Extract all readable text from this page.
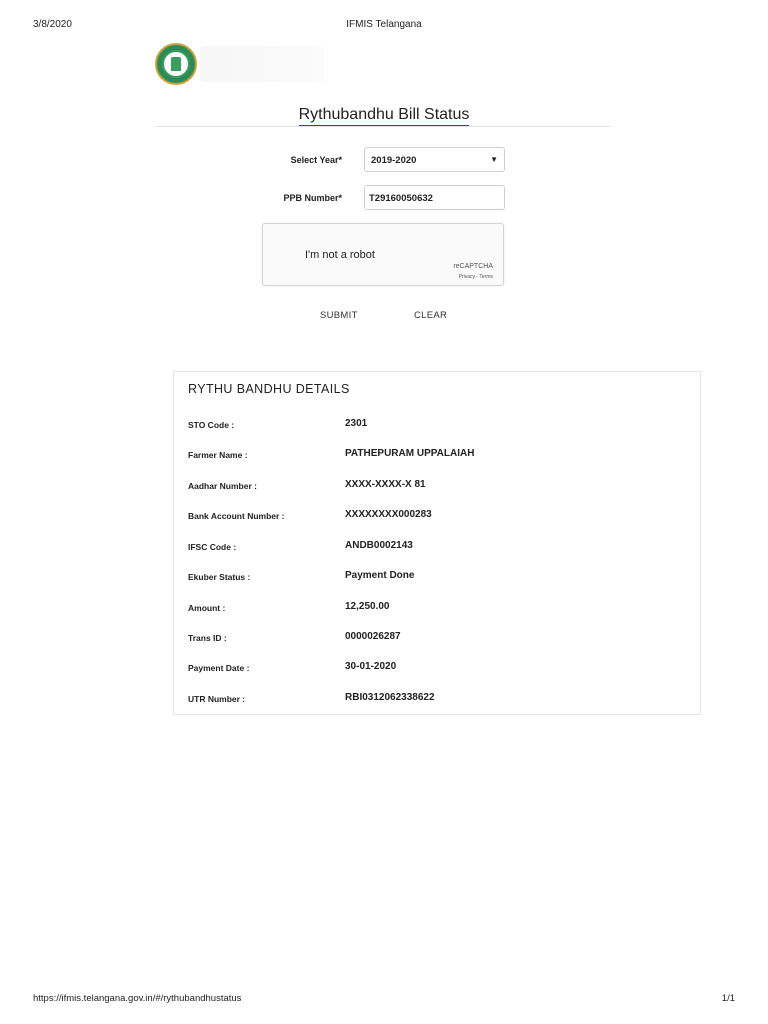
3/8/2020	IFMIS Telangana
Rythubandhu Bill Status
Select Year*	2019-2020	▼
PPB Number*	T29160050632
I'm not a robot
reCAPTCHA
Privacy - Terms
SUBMIT	CLEAR
RYTHU BANDHU DETAILS
STO Code :	2301
Farmer Name :	PATHEPURAM UPPALAIAH
Aadhar Number :	XXXX-XXXX-X 81
Bank Account Number :	XXXXXXXX000283
IFSC Code :	ANDB0002143
Ekuber Status :	Payment Done
Amount :	12,250.00
Trans ID :	0000026287
Payment Date :	30-01-2020
UTR Number :	RBI0312062338622
https://ifmis.telangana.gov.in/#/rythubandhustatus	1/1
